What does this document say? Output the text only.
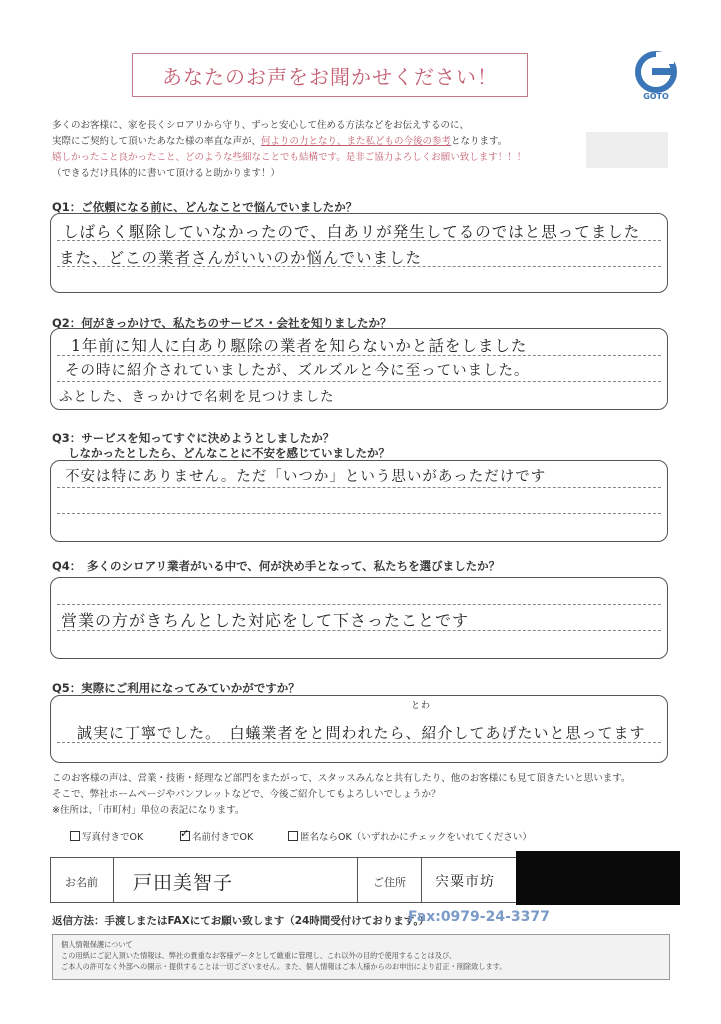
あなたのお声をお聞かせください！
GOTO
多くのお客様に、家を長くシロアリから守り、ずっと安心して住める方法などをお伝えするのに、
実際にご契約して頂いたあなた様の率直な声が、何よりの力となり、また私どもの今後の参考となります。
嬉しかったこと良かったこと、どのような些細なことでも結構です。是非ご協力よろしくお願い致します！！！
（できるだけ具体的に書いて頂けると助かります！）
Q1：ご依頼になる前に、どんなことで悩んでいましたか？
しばらく駆除していなかったので、白あリが発生してるのではと思ってました
また、どこの業者さんがいいのか悩んでいました
Q2：何がきっかけで、私たちのサービス・会社を知りましたか？
1年前に知人に白あり駆除の業者を知らないかと話をしました
その時に紹介されていましたが、ズルズルと今に至っていました。
ふとした、きっかけで名刺を見つけました
Q3：サービスを知ってすぐに決めようとしましたか？
しなかったとしたら、どんなことに不安を感じていましたか？
不安は特にありません。ただ「いつか」という思いがあっただけです
Q4：　多くのシロアリ業者がいる中で、何が決め手となって、私たちを選びましたか？
営業の方がきちんとした対応をして下さったことです
Q5：実際にご利用になってみていかがですか？
とわ
誠実に丁寧でした。　白蟻業者をと問われたら、紹介してあげたいと思ってます
このお客様の声は、営業・技術・経理など部門をまたがって、スタッスみんなと共有したり、他のお客様にも見て頂きたいと思います。
そこで、弊社ホームページやパンフレットなどで、今後ご紹介してもよろしいでしょうか？
※住所は、「市町村」単位の表記になります。
写真付きでOK
✓	名前付きでOK	匿名ならOK（いずれかにチェックをいれてください）
お名前 戸田美智子	ご住所 宍粟市坊
返信方法：手渡しまたはFAXにてお願い致します（24時間受付けております。）
Fax:0979-24-3377
個人情報保護について
この用紙にご記入頂いた情報は、弊社の貴重なお客様データとして厳重に管理し、これ以外の目的で使用することは及び、
ご本人の許可なく外部への開示・提供することは一切ございません。また、個人情報はご本人様からのお申出により訂正・削除致します。
